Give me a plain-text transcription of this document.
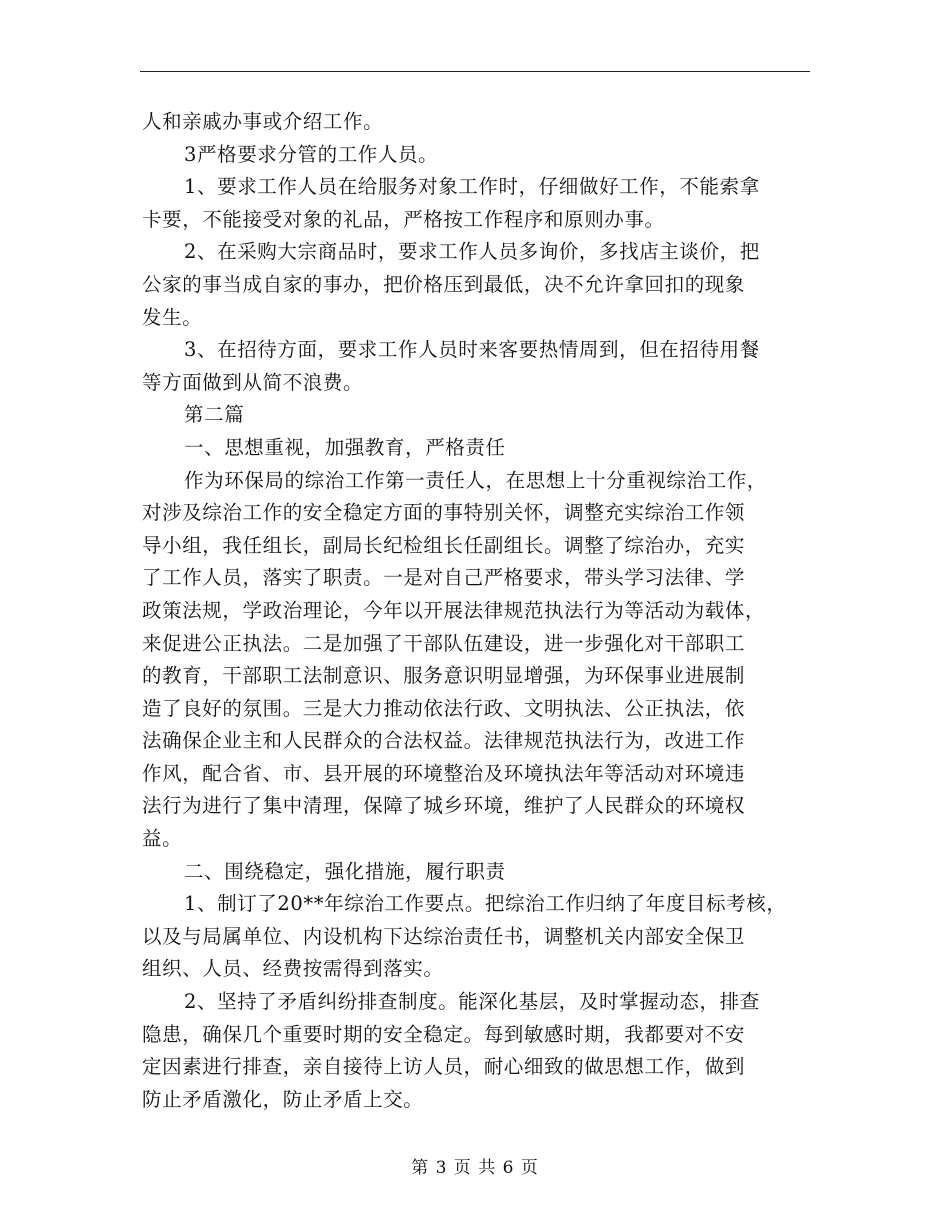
人和亲戚办事或介绍工作。
3严格要求分管的工作人员。
1、要求工作人员在给服务对象工作时，仔细做好工作，不能索拿
卡要，不能接受对象的礼品，严格按工作程序和原则办事。
2、在采购大宗商品时，要求工作人员多询价，多找店主谈价，把
公家的事当成自家的事办，把价格压到最低，决不允许拿回扣的现象
发生。
3、在招待方面，要求工作人员时来客要热情周到，但在招待用餐
等方面做到从简不浪费。
第二篇
一、思想重视，加强教育，严格责任
作为环保局的综治工作第一责任人，在思想上十分重视综治工作，
对涉及综治工作的安全稳定方面的事特别关怀，调整充实综治工作领
导小组，我任组长，副局长纪检组长任副组长。调整了综治办，充实
了工作人员，落实了职责。一是对自己严格要求，带头学习法律、学
政策法规，学政治理论，今年以开展法律规范执法行为等活动为载体，
来促进公正执法。二是加强了干部队伍建设，进一步强化对干部职工
的教育，干部职工法制意识、服务意识明显增强，为环保事业进展制
造了良好的氛围。三是大力推动依法行政、文明执法、公正执法，依
法确保企业主和人民群众的合法权益。法律规范执法行为，改进工作
作风，配合省、市、县开展的环境整治及环境执法年等活动对环境违
法行为进行了集中清理，保障了城乡环境，维护了人民群众的环境权
益。
二、围绕稳定，强化措施，履行职责
1、制订了20**年综治工作要点。把综治工作归纳了年度目标考核，
以及与局属单位、内设机构下达综治责任书，调整机关内部安全保卫
组织、人员、经费按需得到落实。
2、坚持了矛盾纠纷排查制度。能深化基层，及时掌握动态，排查
隐患，确保几个重要时期的安全稳定。每到敏感时期，我都要对不安
定因素进行排查，亲自接待上访人员，耐心细致的做思想工作，做到
防止矛盾激化，防止矛盾上交。
第 3 页 共 6 页
